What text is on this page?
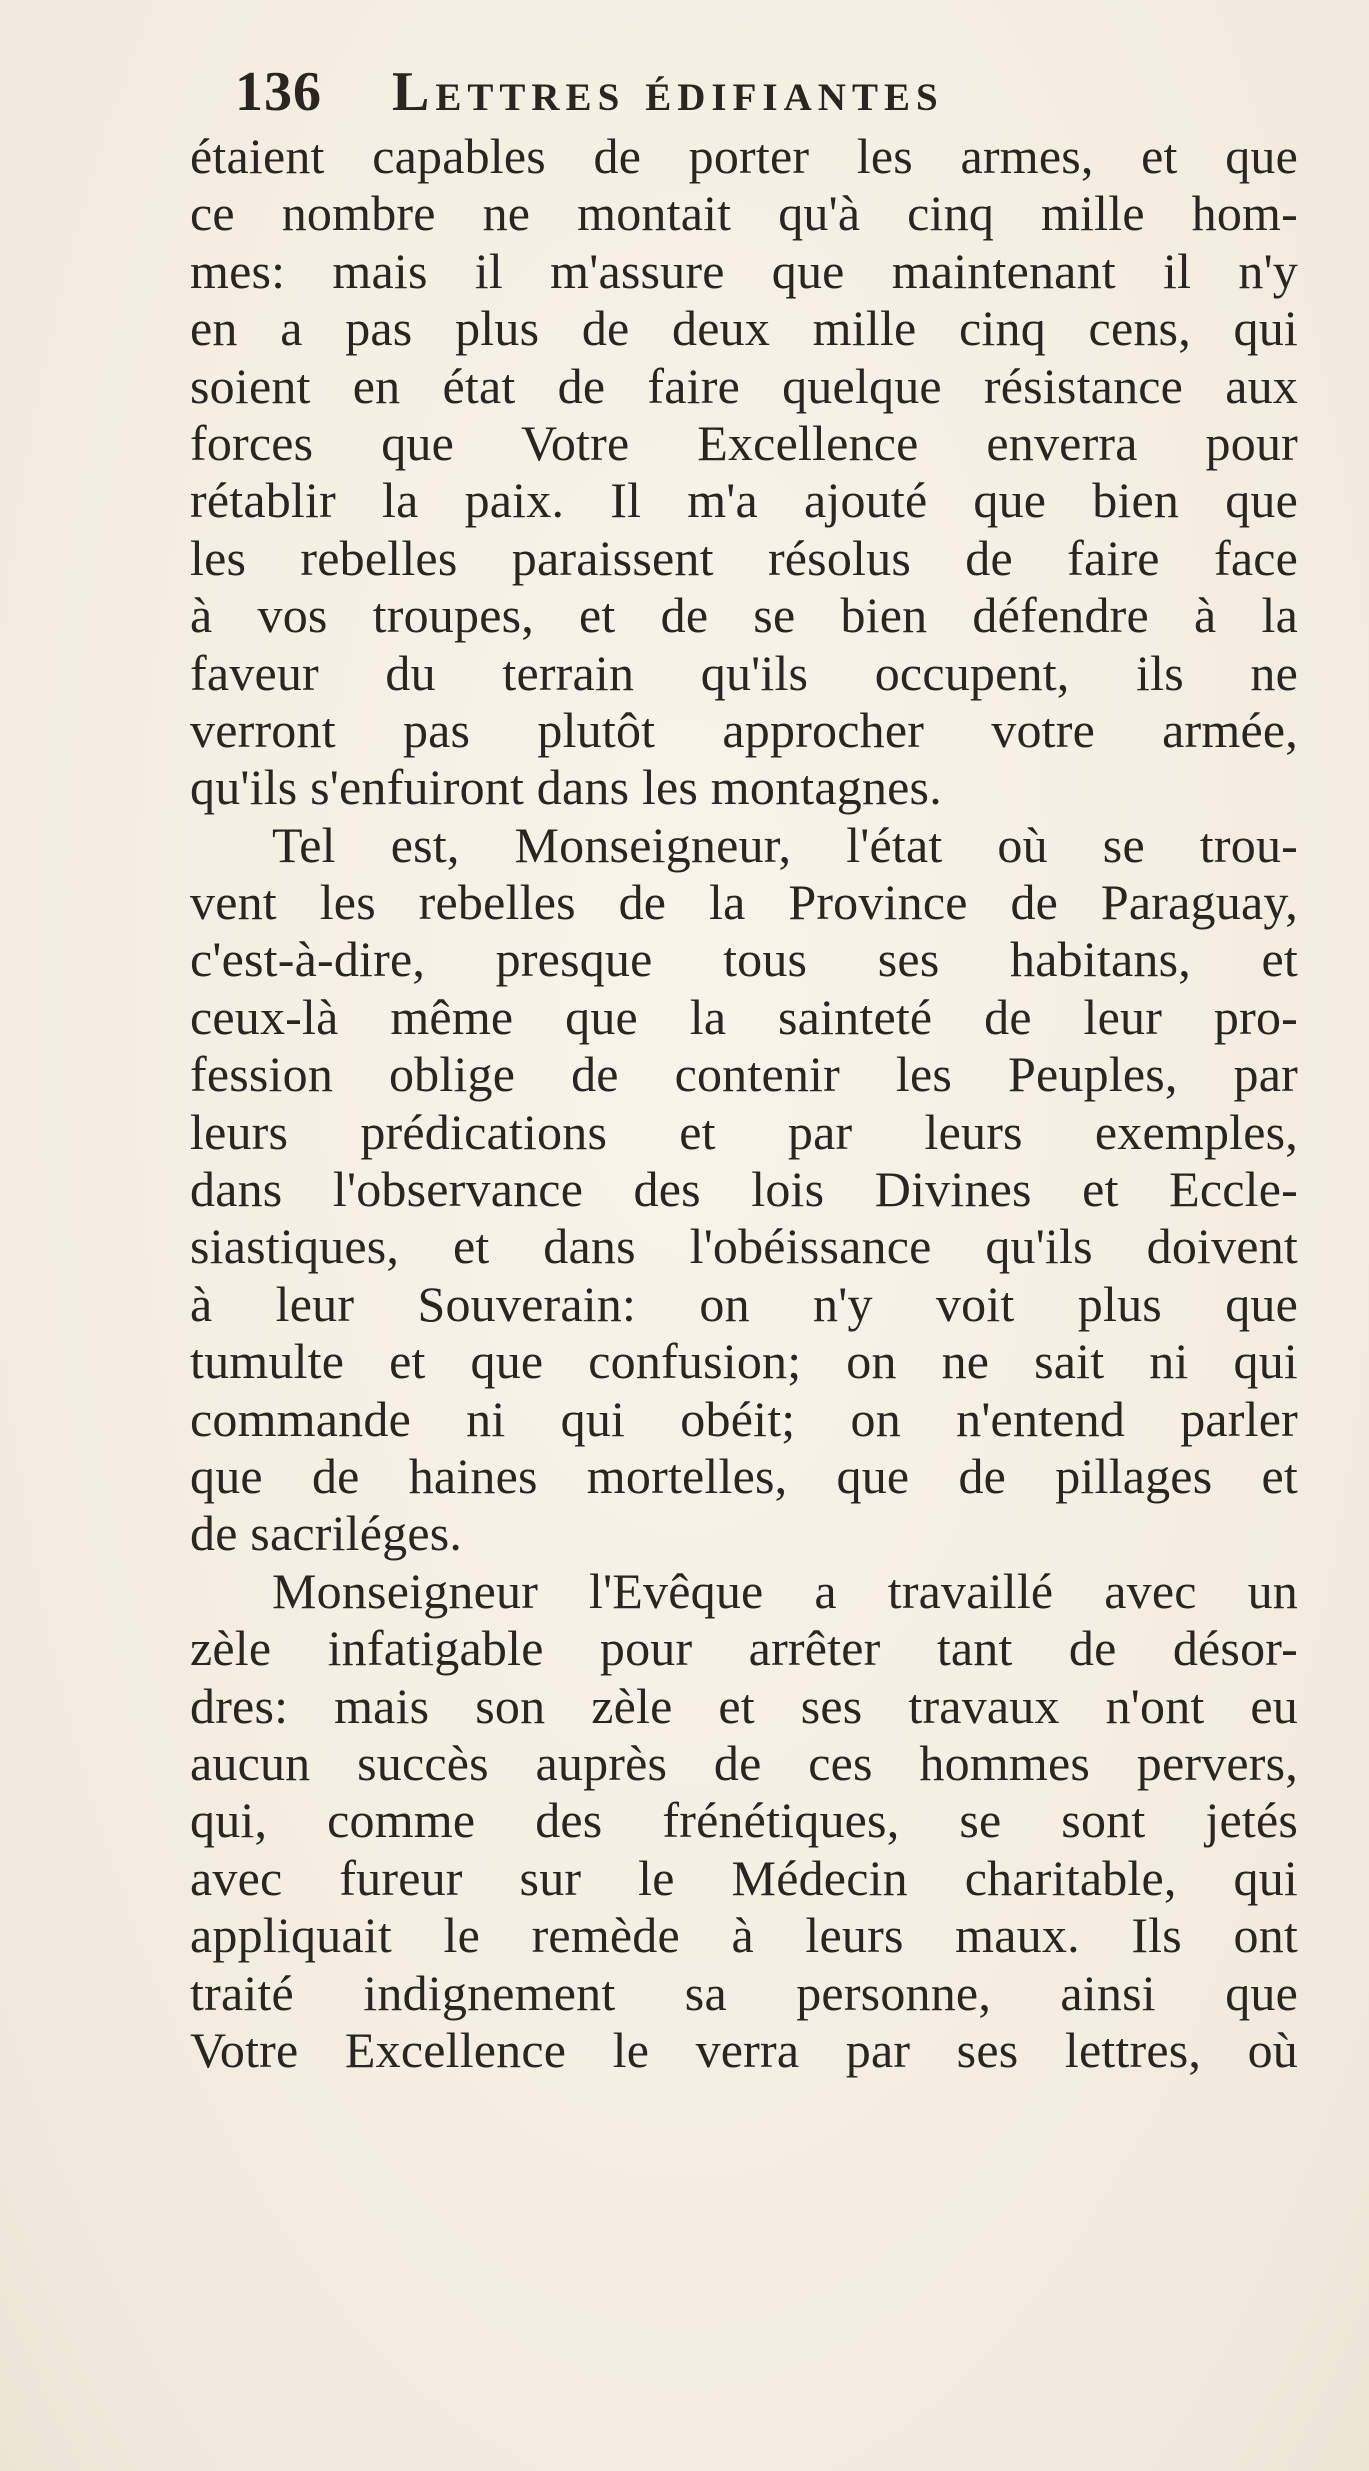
136 Lettres édifiantes
étaient capables de porter les armes, et que
ce nombre ne montait qu'à cinq mille hom-
mes: mais il m'assure que maintenant il n'y
en a pas plus de deux mille cinq cens, qui
soient en état de faire quelque résistance aux
forces que Votre Excellence enverra pour
rétablir la paix. Il m'a ajouté que bien que
les rebelles paraissent résolus de faire face
à vos troupes, et de se bien défendre à la
faveur du terrain qu'ils occupent, ils ne
verront pas plutôt approcher votre armée,
qu'ils s'enfuiront dans les montagnes.
Tel est, Monseigneur, l'état où se trou-
vent les rebelles de la Province de Paraguay,
c'est-à-dire, presque tous ses habitans, et
ceux-là même que la sainteté de leur pro-
fession oblige de contenir les Peuples, par
leurs prédications et par leurs exemples,
dans l'observance des lois Divines et Eccle-
siastiques, et dans l'obéissance qu'ils doivent
à leur Souverain: on n'y voit plus que
tumulte et que confusion; on ne sait ni qui
commande ni qui obéit; on n'entend parler
que de haines mortelles, que de pillages et
de sacriléges.
Monseigneur l'Evêque a travaillé avec un
zèle infatigable pour arrêter tant de désor-
dres: mais son zèle et ses travaux n'ont eu
aucun succès auprès de ces hommes pervers,
qui, comme des frénétiques, se sont jetés
avec fureur sur le Médecin charitable, qui
appliquait le remède à leurs maux. Ils ont
traité indignement sa personne, ainsi que
Votre Excellence le verra par ses lettres, où
